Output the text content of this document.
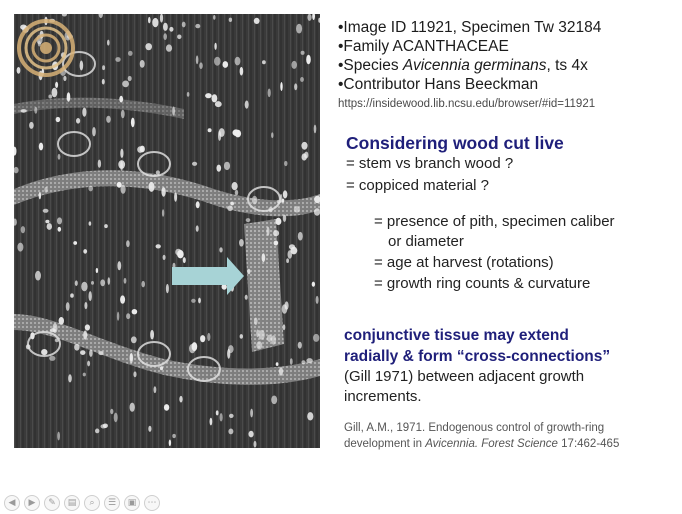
•Image ID 11921, Specimen Tw 32184
•Family ACANTHACEAE
•Species Avicennia germinans, ts 4x
•Contributor Hans Beeckman
https://insidewood.lib.ncsu.edu/browser/#id=11921
Considering wood cut live
= stem vs branch wood ?
= coppiced material ?
= presence of pith, specimen caliber
or diameter
= age at harvest (rotations)
= growth ring counts & curvature
conjunctive tissue may extend
radially & form “cross-connections”
(Gill 1971) between adjacent growth
increments.
Gill, A.M., 1971. Endogenous control of growth-ring
development in Avicennia. Forest Science 17:462-465
◀	▶	✎	▤	⌕	☰	▣	⋯
